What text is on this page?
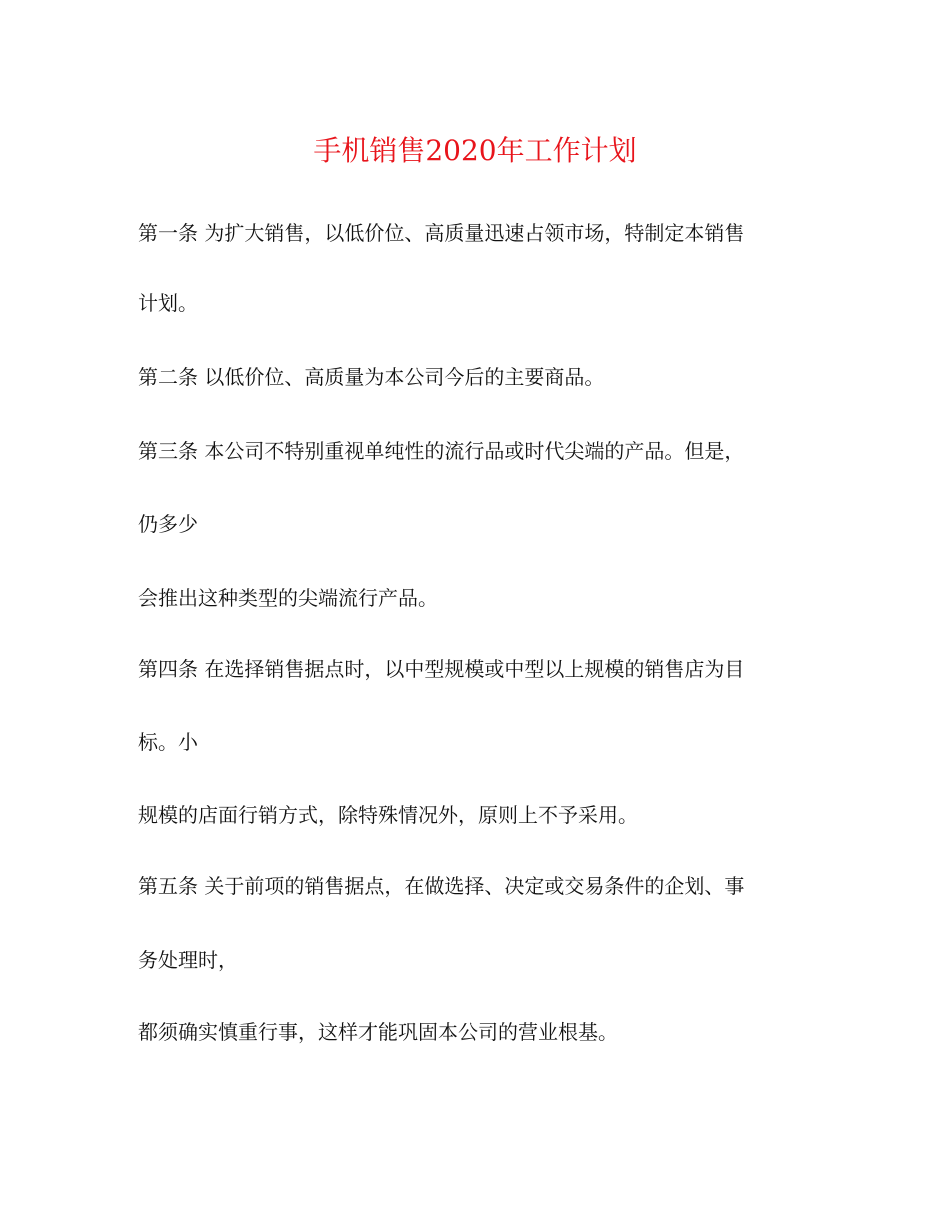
手机销售2020年工作计划
第一条 为扩大销售，以低价位、高质量迅速占领市场，特制定本销售
计划。
第二条 以低价位、高质量为本公司今后的主要商品。
第三条 本公司不特别重视单纯性的流行品或时代尖端的产品。但是，
仍多少
会推出这种类型的尖端流行产品。
第四条 在选择销售据点时，以中型规模或中型以上规模的销售店为目
标。小
规模的店面行销方式，除特殊情况外，原则上不予采用。
第五条 关于前项的销售据点，在做选择、决定或交易条件的企划、事
务处理时，
都须确实慎重行事，这样才能巩固本公司的营业根基。
